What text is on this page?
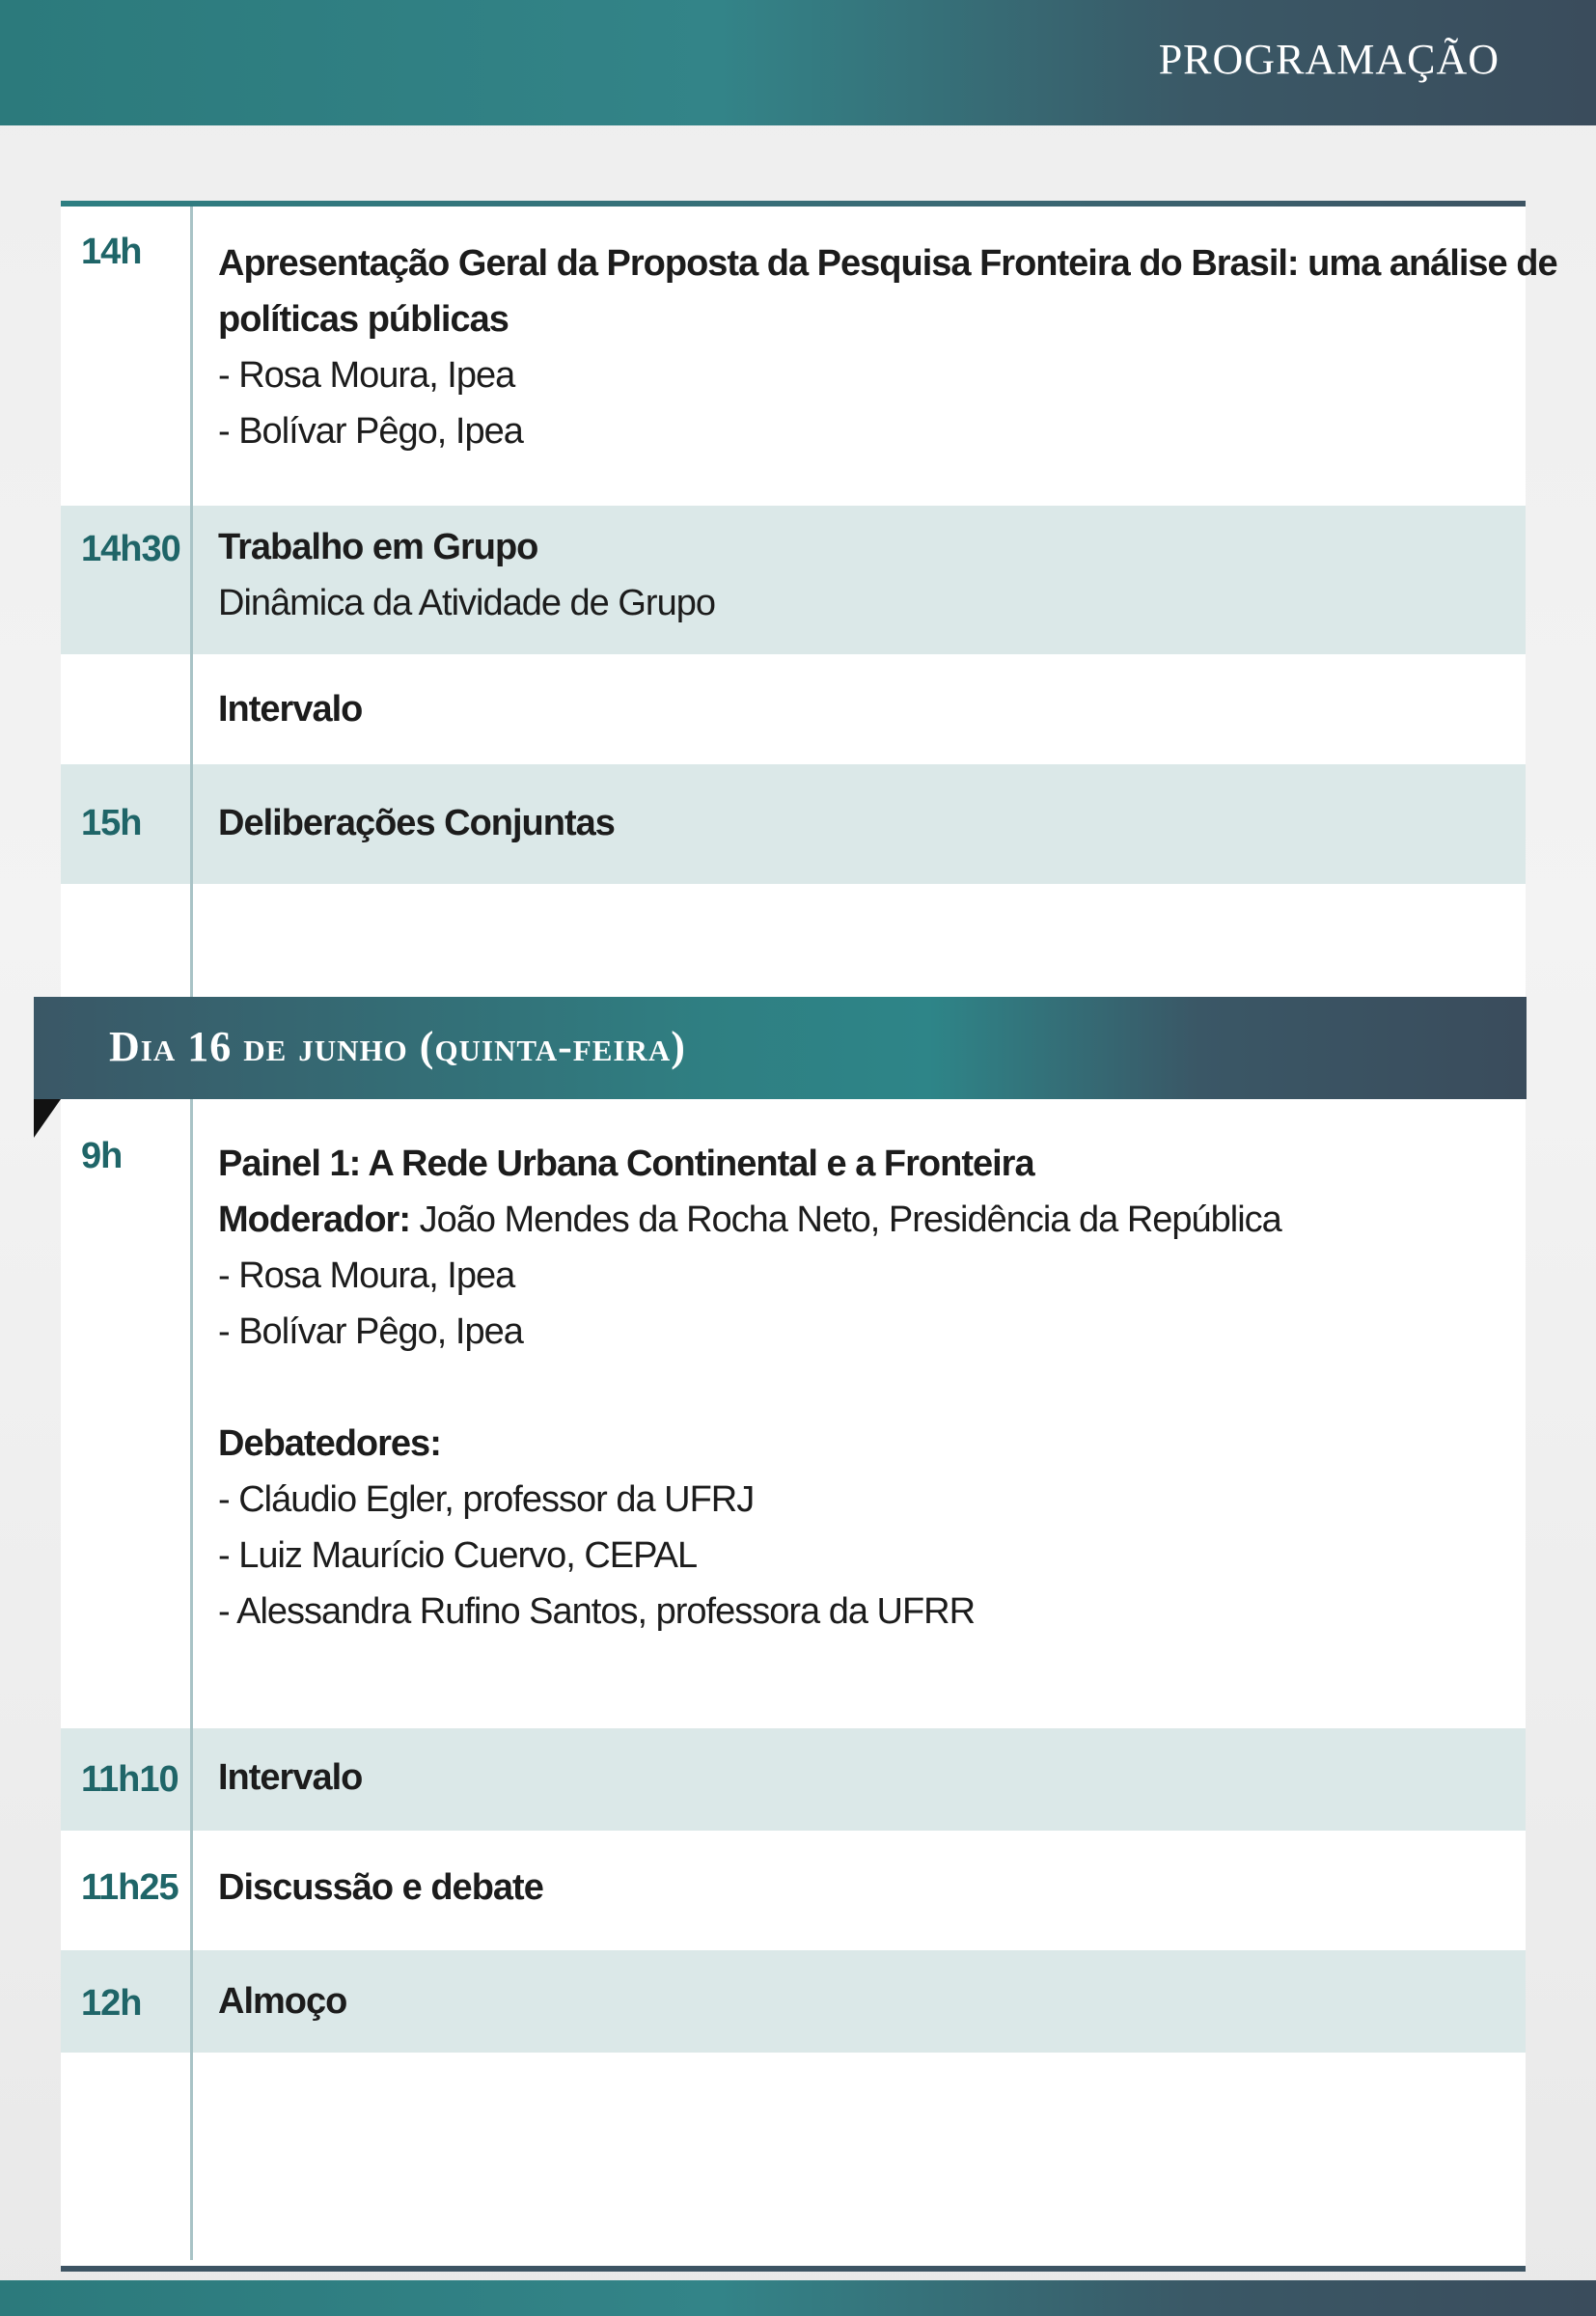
PROGRAMAÇÃO
14h Apresentação Geral da Proposta da Pesquisa Fronteira do Brasil: uma análise de
políticas públicas
- Rosa Moura, Ipea
- Bolívar Pêgo, Ipea
14h30 Trabalho em Grupo
Dinâmica da Atividade de Grupo
Intervalo
15h Deliberações Conjuntas
Dia 16 de junho (quinta-feira)
9h	Painel 1: A Rede Urbana Continental e a Fronteira
Moderador: João Mendes da Rocha Neto, Presidência da República
- Rosa Moura, Ipea
- Bolívar Pêgo, Ipea
Debatedores:
- Cláudio Egler, professor da UFRJ
- Luiz Maurício Cuervo, CEPAL
- Alessandra Rufino Santos, professora da UFRR
11h10 Intervalo
11h25 Discussão e debate
12h Almoço
